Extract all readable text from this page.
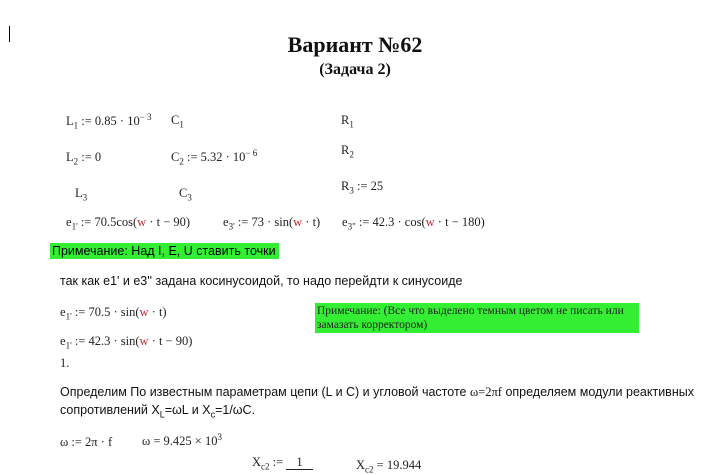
Вариант №62
(Задача 2)
$L_1$ := $0.85 \cdot 10^{- 3}$ $C_1$	$R_1$
$L_2$ := 0	$C_2$ := $5.32 \cdot 10^{- 6}$	$R_2$
$L_3$	$C_3$
$R_3$ := 25
$e_{1'}$ := 70.5cos(w · t − 90)	$e_{3'}$ := 73 · sin(w · t) $e_{3"}$ := 42.3 · cos(w · t − 180)
Примечание: Над I, E, U ставить точки
так как e1' и e3'' задана косинусоидой, то надо перейдти к синусоиде
$e_{1'}$ := 70.5 · sin(w · t)
$e_{1'}$ := 42.3 · sin(w · t − 90)
1.
Примечание: (Все что выделено темным цветом не писать или замазать корректором)
Определим По известным параметрам цепи (L и С) и угловой частоте ω=2πf определяем модули реактивных сопротивлений $X_L=\omega L$ и $X_c=1/\omega C$.
ω := 2π · f $\omega = 9.425 \times 10^3$
$X_{c2}$ :=	1	$X_{c2} = 19.944$
